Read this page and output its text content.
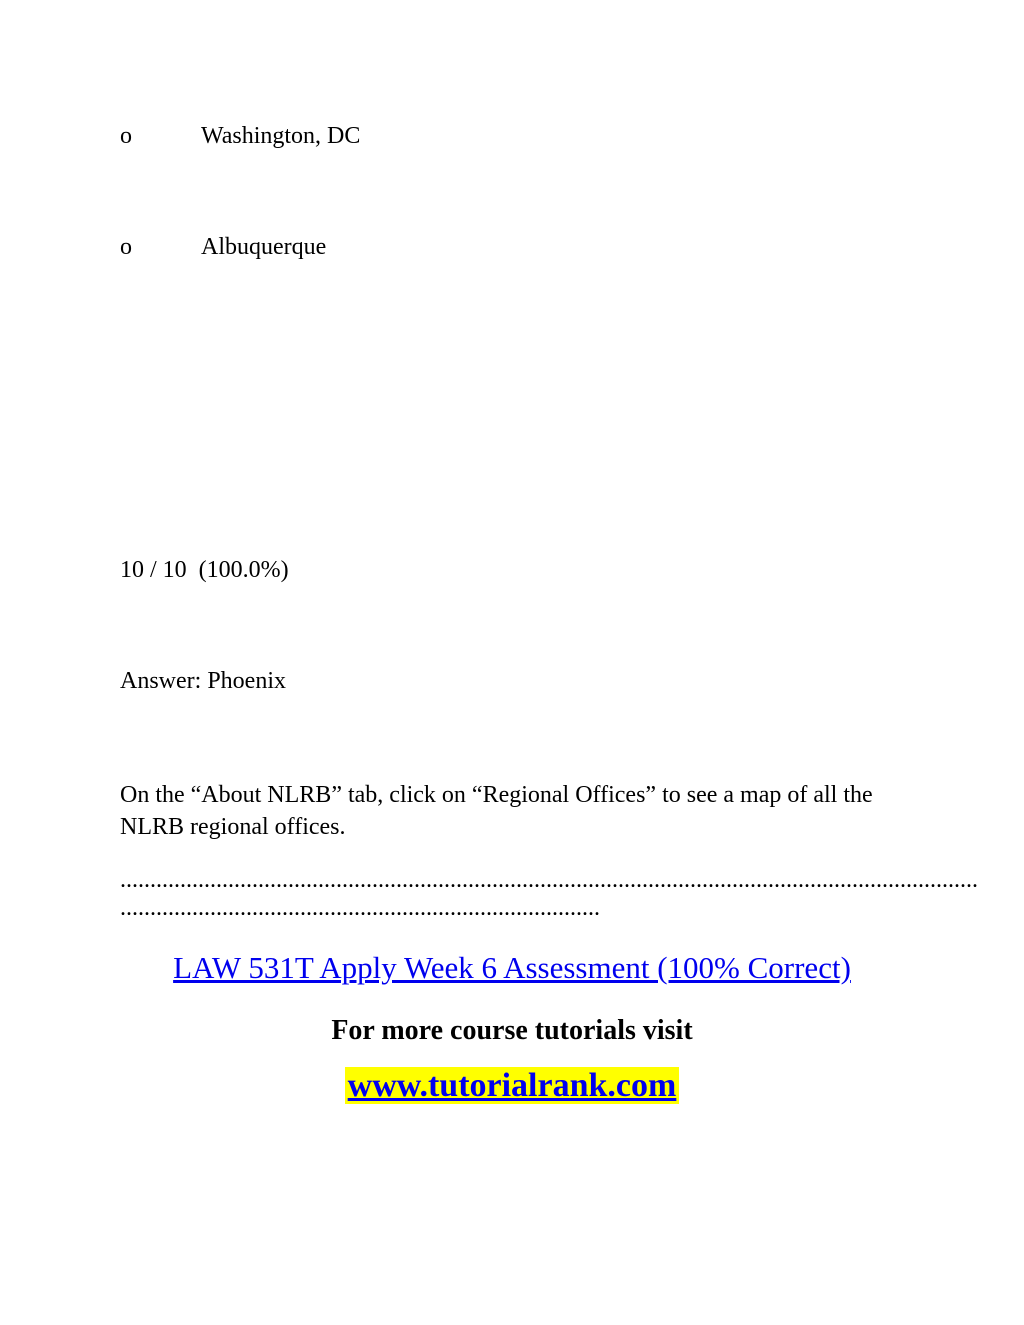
o	Washington, DC
o	Albuquerque
10 / 10 (100.0%)
Answer: Phoenix
On the “About NLRB” tab, click on “Regional Offices” to see a map of all the NLRB regional offices.
...............................................................................................................................................
................................................................................
LAW 531T Apply Week 6 Assessment (100% Correct)
For more course tutorials visit
www.tutorialrank.com
